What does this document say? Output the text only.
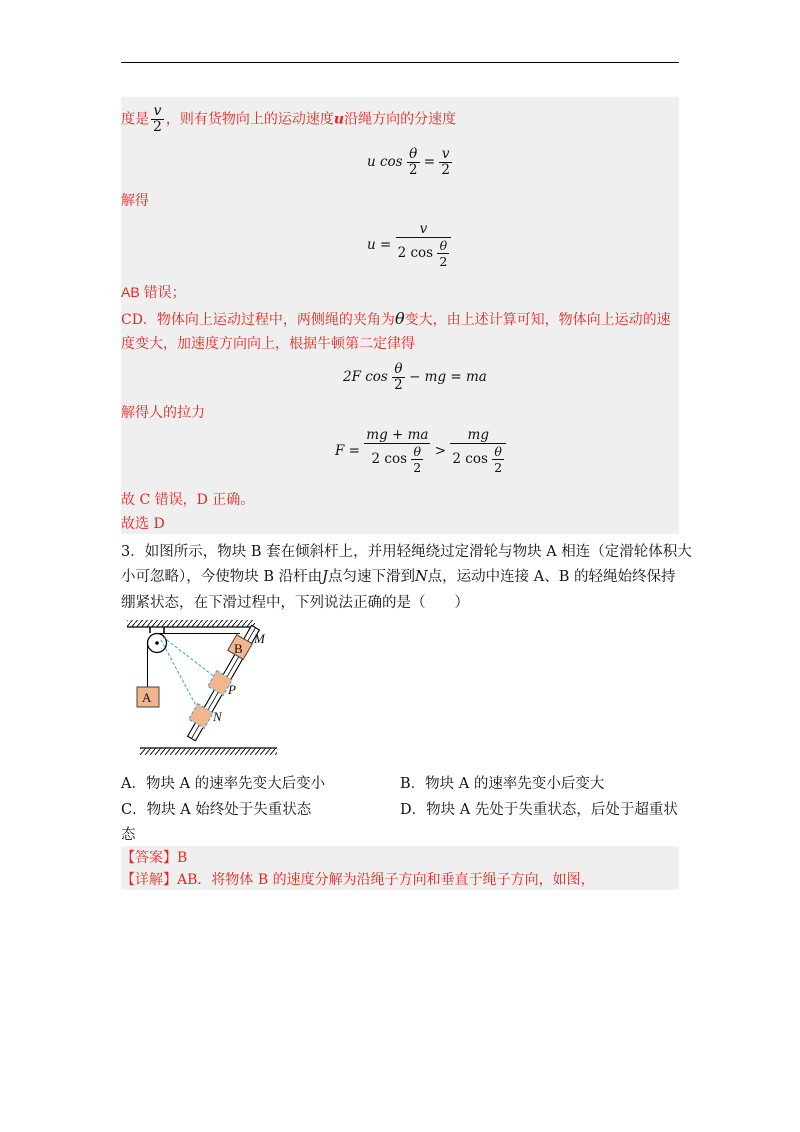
度是 $\frac{v}{2}$ ，则有货物向上的运动速度u沿绳方向的分速度
u $\cos \frac{\theta}{2} = \frac{v}{2}$
解得
$u = \frac{v}{2 \cos \frac{\theta}{2}}$
AB 错误；
CD．物体向上运动过程中，两侧绳的夹角为θ变大，由上述计算可知，物体向上运动的速
度变大，加速度方向向上，根据牛顿第二定律得
2F $\cos \frac{\theta}{2}$ − mg = ma
解得人的拉力
$F = \frac{mg + ma}{2 \cos \frac{\theta}{2}} > \frac{mg}{2 \cos \frac{\theta}{2}}$
故 C 错误，D 正确。
故选 D
3．如图所示，物块 B 套在倾斜杆上，并用轻绳绕过定滑轮与物块 A 相连（定滑轮体积大
小可忽略），今使物块 B 沿杆由J点匀速下滑到N点，运动中连接 A、B 的轻绳始终保持
绷紧状态，在下滑过程中，下列说法正确的是（　　）
A
B
M
P
N
A．物块 A 的速率先变大后变小	B．物块 A 的速率先变小后变大
C．物块 A 始终处于失重状态	D．物块 A 先处于失重状态，后处于超重状
态
【答案】B
【详解】AB．将物体 B 的速度分解为沿绳子方向和垂直于绳子方向，如图，
